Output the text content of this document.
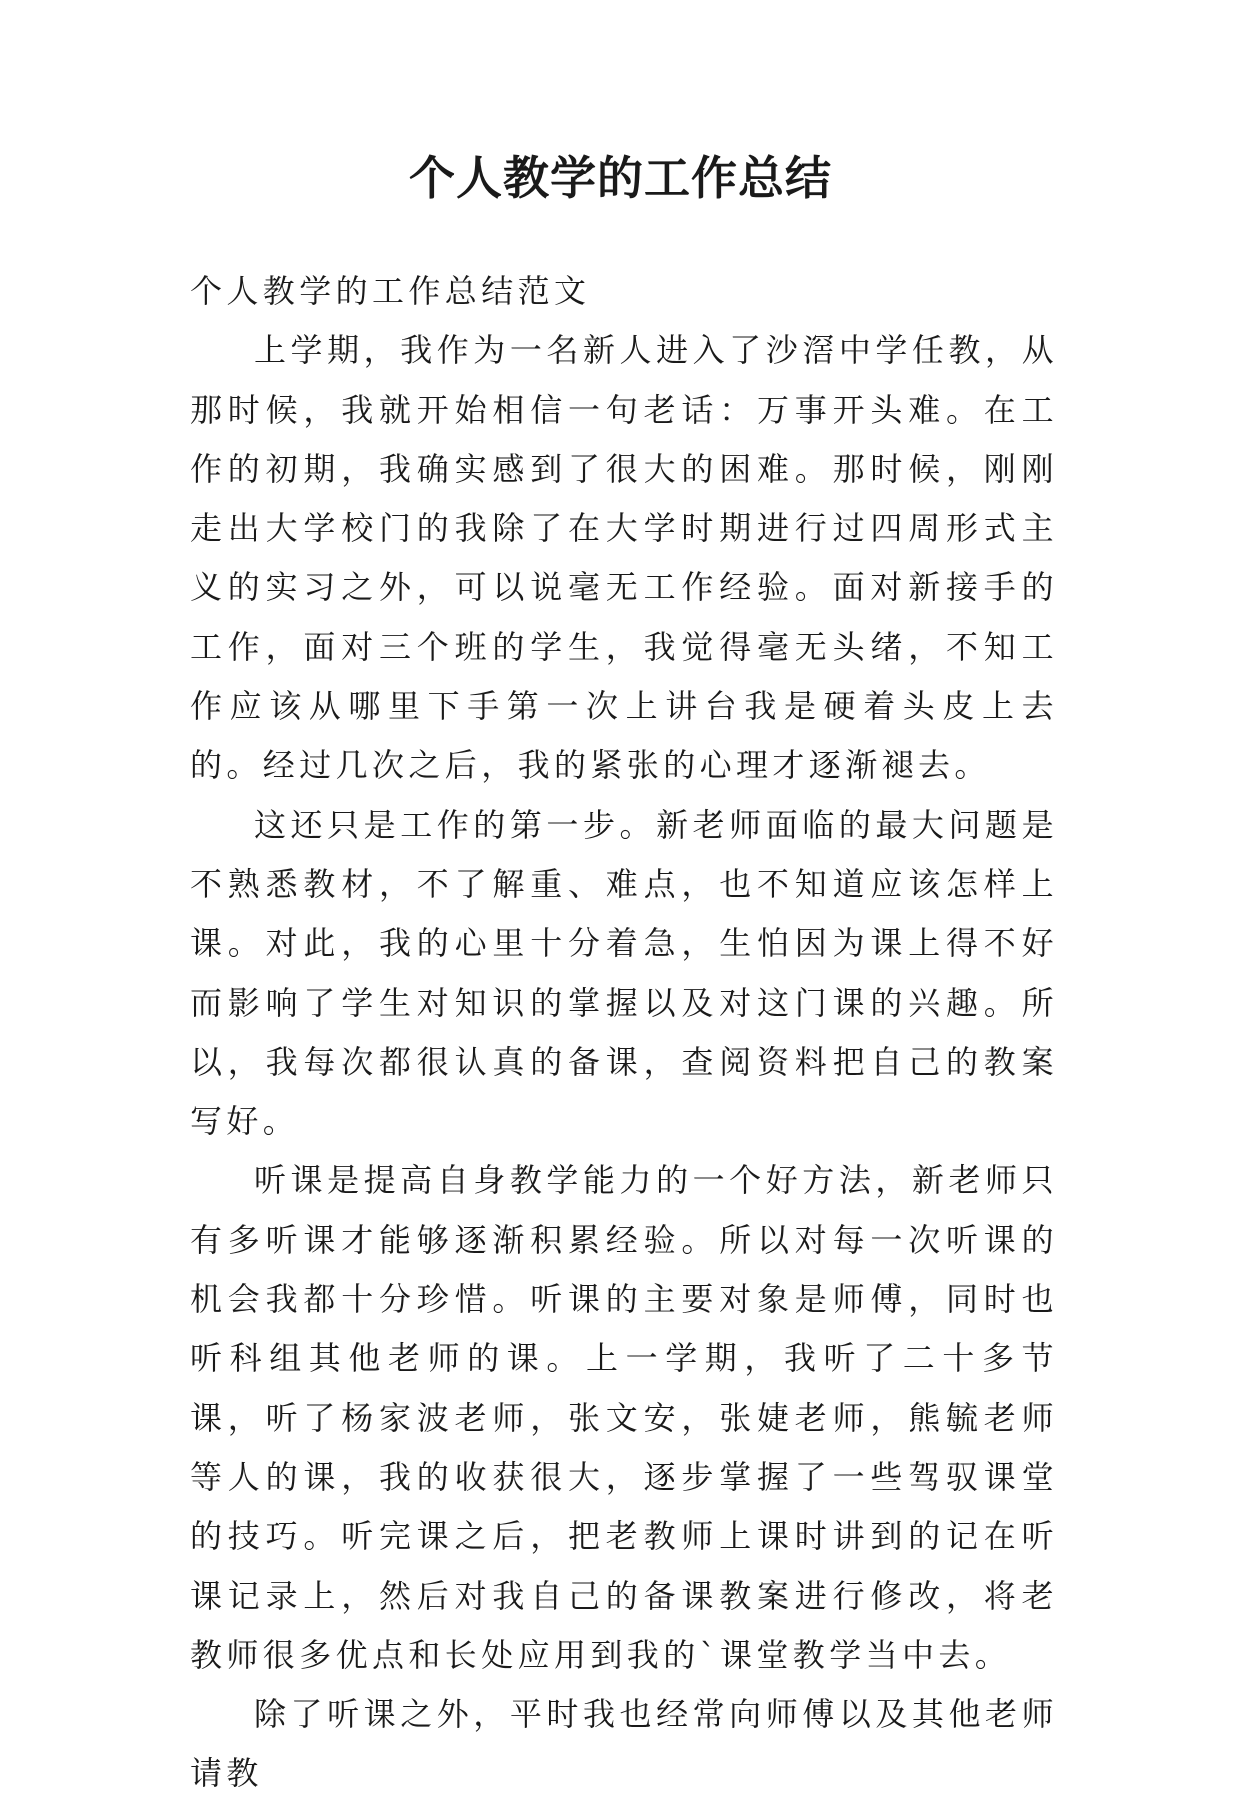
个人教学的工作总结

个人教学的工作总结范文

上学期，我作为一名新人进入了沙滘中学任教，从那时候，我就开始相信一句老话：万事开头难。在工作的初期，我确实感到了很大的困难。那时候，刚刚走出大学校门的我除了在大学时期进行过四周形式主义的实习之外，可以说毫无工作经验。面对新接手的工作，面对三个班的学生，我觉得毫无头绪，不知工作应该从哪里下手第一次上讲台我是硬着头皮上去的。经过几次之后，我的紧张的心理才逐渐褪去。

这还只是工作的第一步。新老师面临的最大问题是不熟悉教材，不了解重、难点，也不知道应该怎样上课。对此，我的心里十分着急，生怕因为课上得不好而影响了学生对知识的掌握以及对这门课的兴趣。所以，我每次都很认真的备课，查阅资料把自己的教案写好。

听课是提高自身教学能力的一个好方法，新老师只有多听课才能够逐渐积累经验。所以对每一次听课的机会我都十分珍惜。听课的主要对象是师傅，同时也听科组其他老师的课。上一学期，我听了二十多节课，听了杨家波老师，张文安，张婕老师，熊毓老师等人的课，我的收获很大，逐步掌握了一些驾驭课堂的技巧。听完课之后，把老教师上课时讲到的记在听课记录上，然后对我自己的备课教案进行修改，将老教师很多优点和长处应用到我的`课堂教学当中去。

除了听课之外，平时我也经常向师傅以及其他老师请教
